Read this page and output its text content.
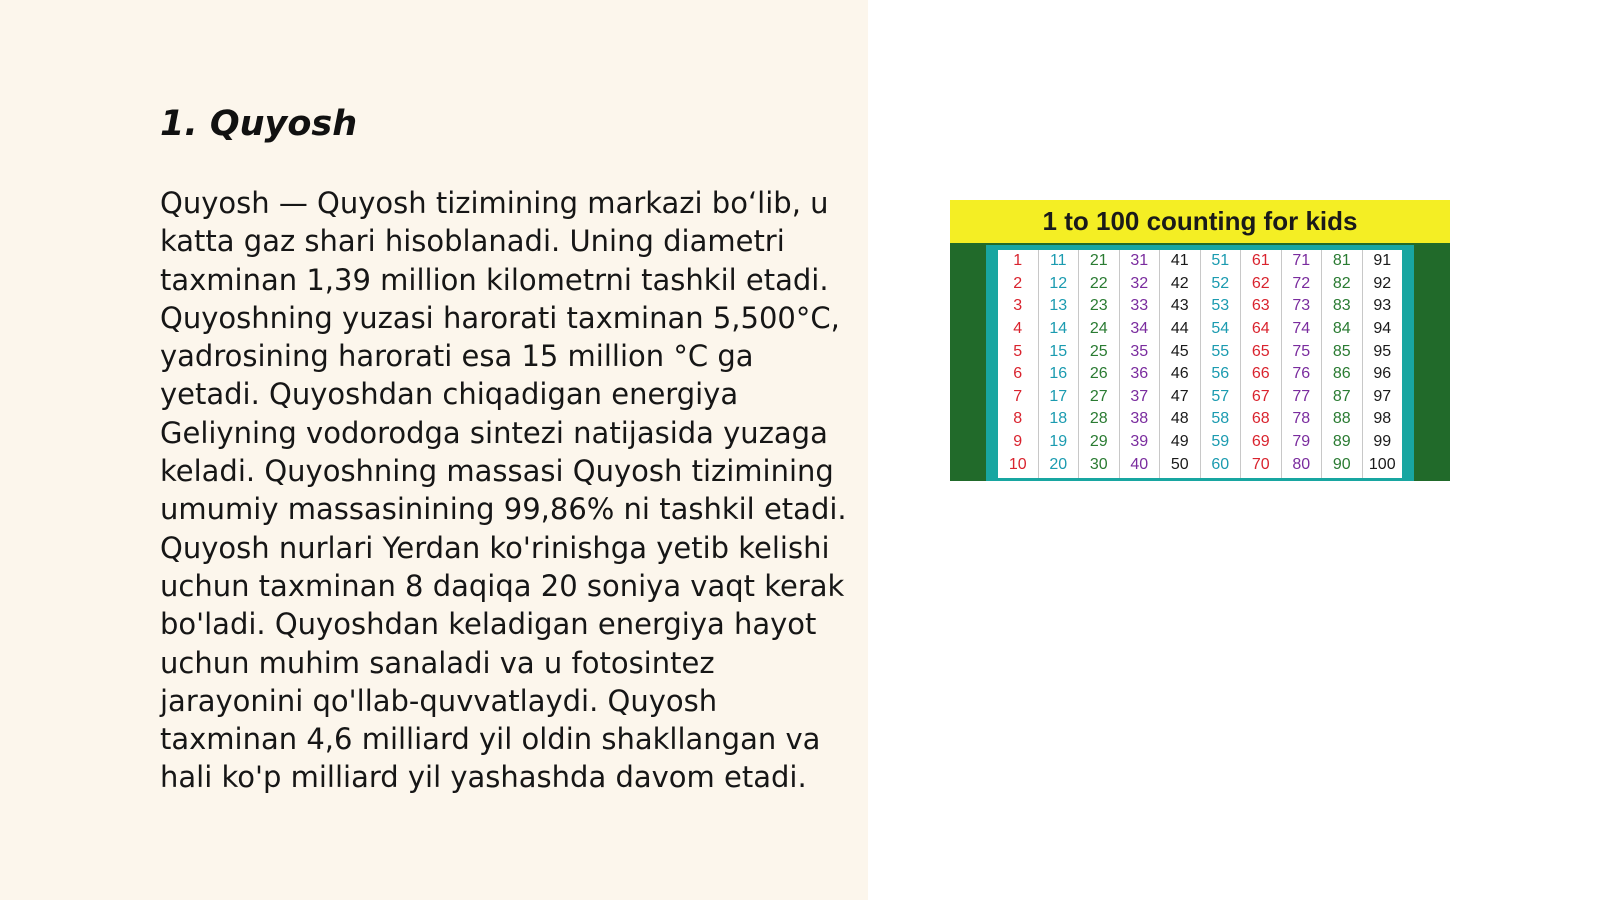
1. Quyosh

Quyosh — Quyosh tizimining markazi bo‘lib, u katta gaz shari hisoblanadi. Uning diametri taxminan 1,39 million kilometrni tashkil etadi. Quyoshning yuzasi harorati taxminan 5,500°C, yadrosining harorati esa 15 million °C ga yetadi. Quyoshdan chiqadigan energiya Geliyning vodorodga sintezi natijasida yuzaga keladi. Quyoshning massasi Quyosh tizimining umumiy massasinining 99,86% ni tashkil etadi. Quyosh nurlari Yerdan ko'rinishga yetib kelishi uchun taxminan 8 daqiqa 20 soniya vaqt kerak bo'ladi. Quyoshdan keladigan energiya hayot uchun muhim sanaladi va u fotosintez jarayonini qo'llab-quvvatlaydi. Quyosh taxminan 4,6 milliard yil oldin shakllangan va hali ko'p milliard yil yashashda davom etadi.

1 to 100 counting for kids
1
2
3
4
5
6
7
8
9
10
11
12
13
14
15
16
17
18
19
20
21
22
23
24
25
26
27
28
29
30
31
32
33
34
35
36
37
38
39
40
41
42
43
44
45
46
47
48
49
50
51
52
53
54
55
56
57
58
59
60
61
62
63
64
65
66
67
68
69
70
71
72
73
74
75
76
77
78
79
80
81
82
83
84
85
86
87
88
89
90
91
92
93
94
95
96
97
98
99
100
